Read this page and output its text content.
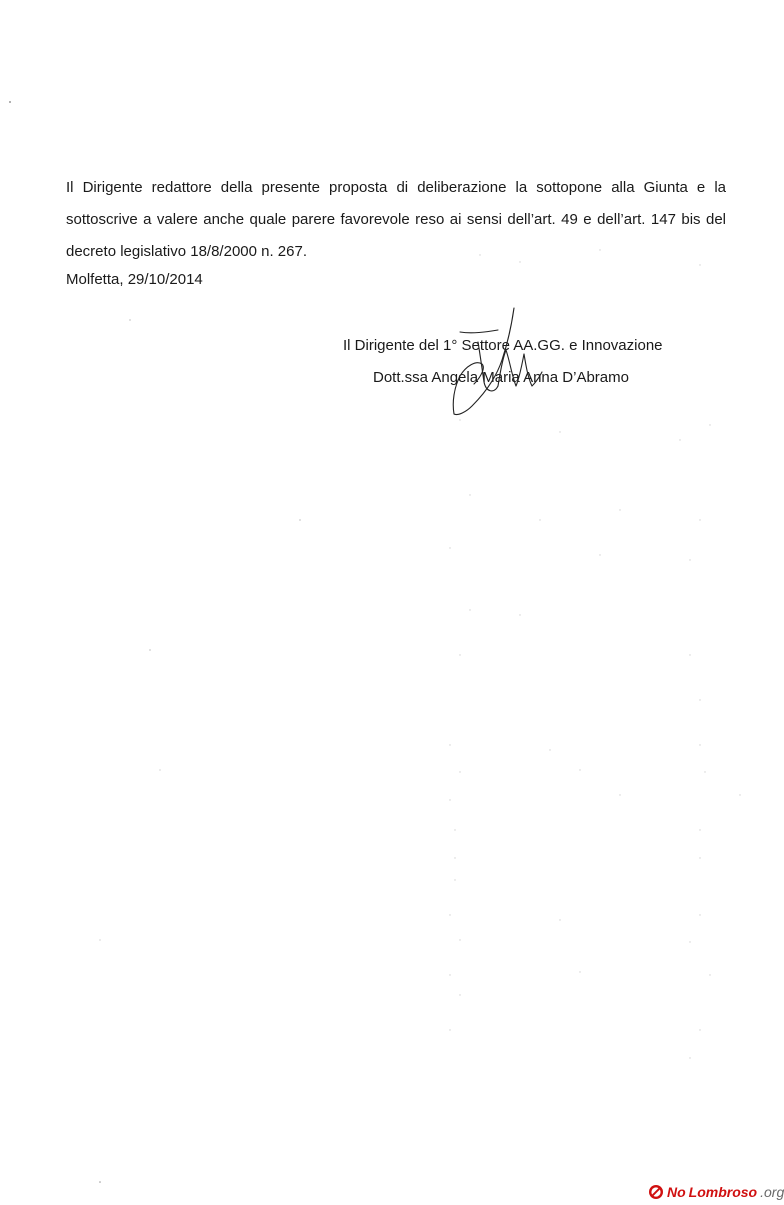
Il Dirigente redattore della presente proposta di deliberazione la sottopone alla Giunta e la sottoscrive a valere anche quale parere favorevole reso ai sensi dell’art. 49 e dell’art. 147 bis del decreto legislativo 18/8/2000 n. 267.

Molfetta, 29/10/2014
Il Dirigente del 1° Settore AA.GG. e Innovazione
Dott.ssa Angela Maria Anna D’Abramo
No Lombroso .org
